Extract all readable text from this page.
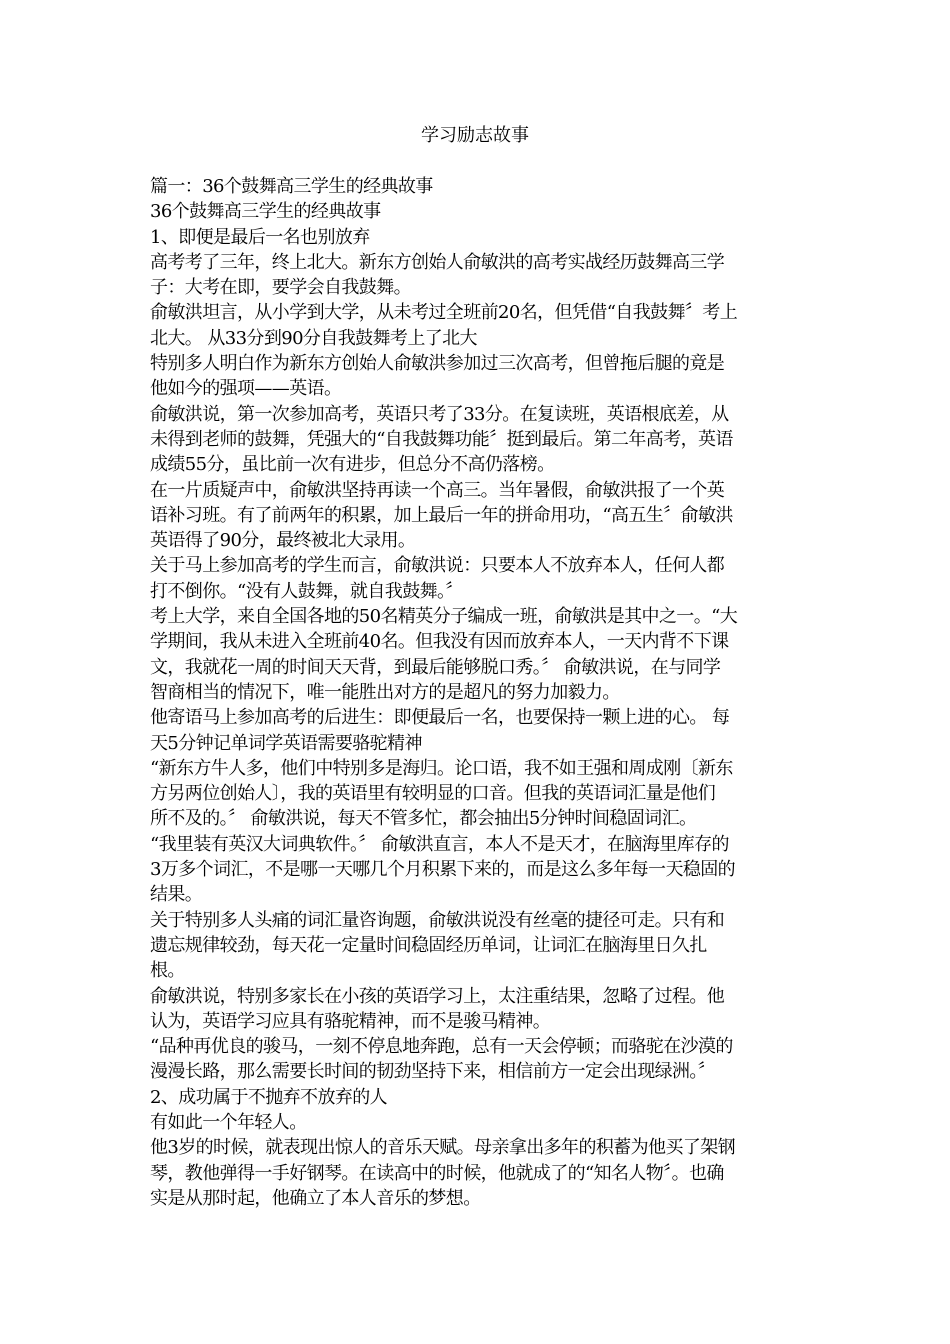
学习励志故事
篇一：36个鼓舞高三学生的经典故事
36个鼓舞高三学生的经典故事
1、即便是最后一名也别放弃
高考考了三年，终上北大。新东方创始人俞敏洪的高考实战经历鼓舞高三学
子：大考在即，要学会自我鼓舞。
俞敏洪坦言，从小学到大学，从未考过全班前20名，但凭借“自我鼓舞〞考上
北大。 从33分到90分自我鼓舞考上了北大
特别多人明白作为新东方创始人俞敏洪参加过三次高考，但曾拖后腿的竟是
他如今的强项——英语。
俞敏洪说，第一次参加高考，英语只考了33分。在复读班，英语根底差，从
未得到老师的鼓舞，凭强大的“自我鼓舞功能〞挺到最后。第二年高考，英语
成绩55分，虽比前一次有进步，但总分不高仍落榜。
在一片质疑声中，俞敏洪坚持再读一个高三。当年暑假，俞敏洪报了一个英
语补习班。有了前两年的积累，加上最后一年的拼命用功，“高五生〞俞敏洪
英语得了90分，最终被北大录用。
关于马上参加高考的学生而言，俞敏洪说：只要本人不放弃本人，任何人都
打不倒你。“没有人鼓舞，就自我鼓舞。〞
考上大学，来自全国各地的50名精英分子编成一班，俞敏洪是其中之一。“大
学期间，我从未进入全班前40名。但我没有因而放弃本人，一天内背不下课
文，我就花一周的时间天天背，到最后能够脱口秀。〞 俞敏洪说，在与同学
智商相当的情况下，唯一能胜出对方的是超凡的努力加毅力。
他寄语马上参加高考的后进生：即便最后一名，也要保持一颗上进的心。 每
天5分钟记单词学英语需要骆驼精神
“新东方牛人多，他们中特别多是海归。论口语，我不如王强和周成刚〔新东
方另两位创始人〕，我的英语里有较明显的口音。但我的英语词汇量是他们
所不及的。〞 俞敏洪说，每天不管多忙，都会抽出5分钟时间稳固词汇。
“我里装有英汉大词典软件。〞 俞敏洪直言，本人不是天才，在脑海里库存的
3万多个词汇，不是哪一天哪几个月积累下来的，而是这么多年每一天稳固的
结果。
关于特别多人头痛的词汇量咨询题，俞敏洪说没有丝毫的捷径可走。只有和
遗忘规律较劲，每天花一定量时间稳固经历单词，让词汇在脑海里日久扎
根。
俞敏洪说，特别多家长在小孩的英语学习上，太注重结果，忽略了过程。他
认为，英语学习应具有骆驼精神，而不是骏马精神。
“品种再优良的骏马，一刻不停息地奔跑，总有一天会停顿；而骆驼在沙漠的
漫漫长路，那么需要长时间的韧劲坚持下来，相信前方一定会出现绿洲。〞
2、成功属于不抛弃不放弃的人
有如此一个年轻人。
他3岁的时候，就表现出惊人的音乐天赋。母亲拿出多年的积蓄为他买了架钢
琴，教他弹得一手好钢琴。在读高中的时候，他就成了的“知名人物〞。也确
实是从那时起，他确立了本人音乐的梦想。
